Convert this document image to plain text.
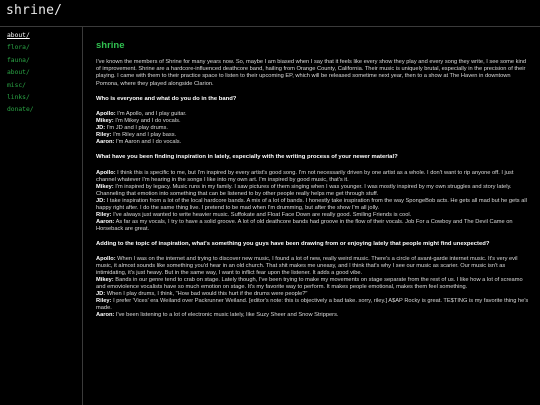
shrine/
about/
flora/
fauna/
about/
misc/
links/
donate/
shrine

I've known the members of Shrine for many years now. So, maybe I am biased when I say that it feels like every show they play and every song they write, I see some kind of improvement. Shrine are a hardcore-influenced deathcore band, hailing from Orange County, California. Their music is uniquely brutal, especially in the precision of their playing. I came with them to their practice space to listen to their upcoming EP, which will be released sometime next year, then to a show at The Haven in downtown Pomona, where they played alongside Clarion.

Who is everyone and what do you do in the band?

Apollo: I'm Apollo, and I play guitar.

Mikey: I'm Mikey and I do vocals.

JD: I'm JD and I play drums.

Riley: I'm Riley and I play bass.

Aaron: I'm Aaron and I do vocals.

What have you been finding inspiration in lately, especially with the writing process of your newer material?

Apollo: I think this is specific to me, but I'm inspired by every artist's good song. I'm not necessarily driven by one artist as a whole. I don't want to rip anyone off. I just channel whatever I'm hearing in the songs I like into my own art. I'm inspired by good music, that's it.

Mikey: I'm inspired by legacy. Music runs in my family. I saw pictures of them singing when I was younger. I was mostly inspired by my own struggles and story lately. Channeling that emotion into something that can be listened to by other people really helps me get through stuff.

JD: I take inspiration from a lot of the local hardcore bands. A mix of a lot of bands. I honestly take inspiration from the way SpongeBob acts. He gets all mad but he gets all happy right after. I do the same thing live. I pretend to be mad when I'm drumming, but after the show I'm all jolly.

Riley: I've always just wanted to write heavier music. Suffokate and Float Face Down are really good. Smiling Friends is cool.

Aaron: As far as my vocals, I try to have a solid groove. A lot of old deathcore bands had groove in the flow of their vocals. Job For a Cowboy and The Devil Came on Horseback are great.

Adding to the topic of inspiration, what's something you guys have been drawing from or enjoying lately that people might find unexpected?

Apollo: When I was on the internet and trying to discover new music, I found a lot of new, really weird music. There's a circle of avant-garde internet music. It's very evil music, it almost sounds like something you'd hear in an old church. That shit makes me uneasy, and I think that's why I see our music as scarier. Our music isn't as intimidating, it's just heavy. But in the same way, I want to inflict fear upon the listener. It adds a good vibe.

Mikey: Bands in our genre tend to crab on stage. Lately though, I've been trying to make my movements on stage separate from the rest of us. I like how a lot of screamo and emoviolence vocalists have so much emotion on stage. It's my favorite way to perform. It makes people emotional, makes them feel something.

JD: When I play drums, I think, "How bad would this hurt if the drums were people?"

Riley: I prefer 'Vices' era Weiland over Packrunner Weiland. [editor's note: this is objectively a bad take. sorry, riley.] A$AP Rocky is great. TE$TING is my favorite thing he's made.

Aaron: I've been listening to a lot of electronic music lately, like Suzy Sheer and Snow Strippers.
